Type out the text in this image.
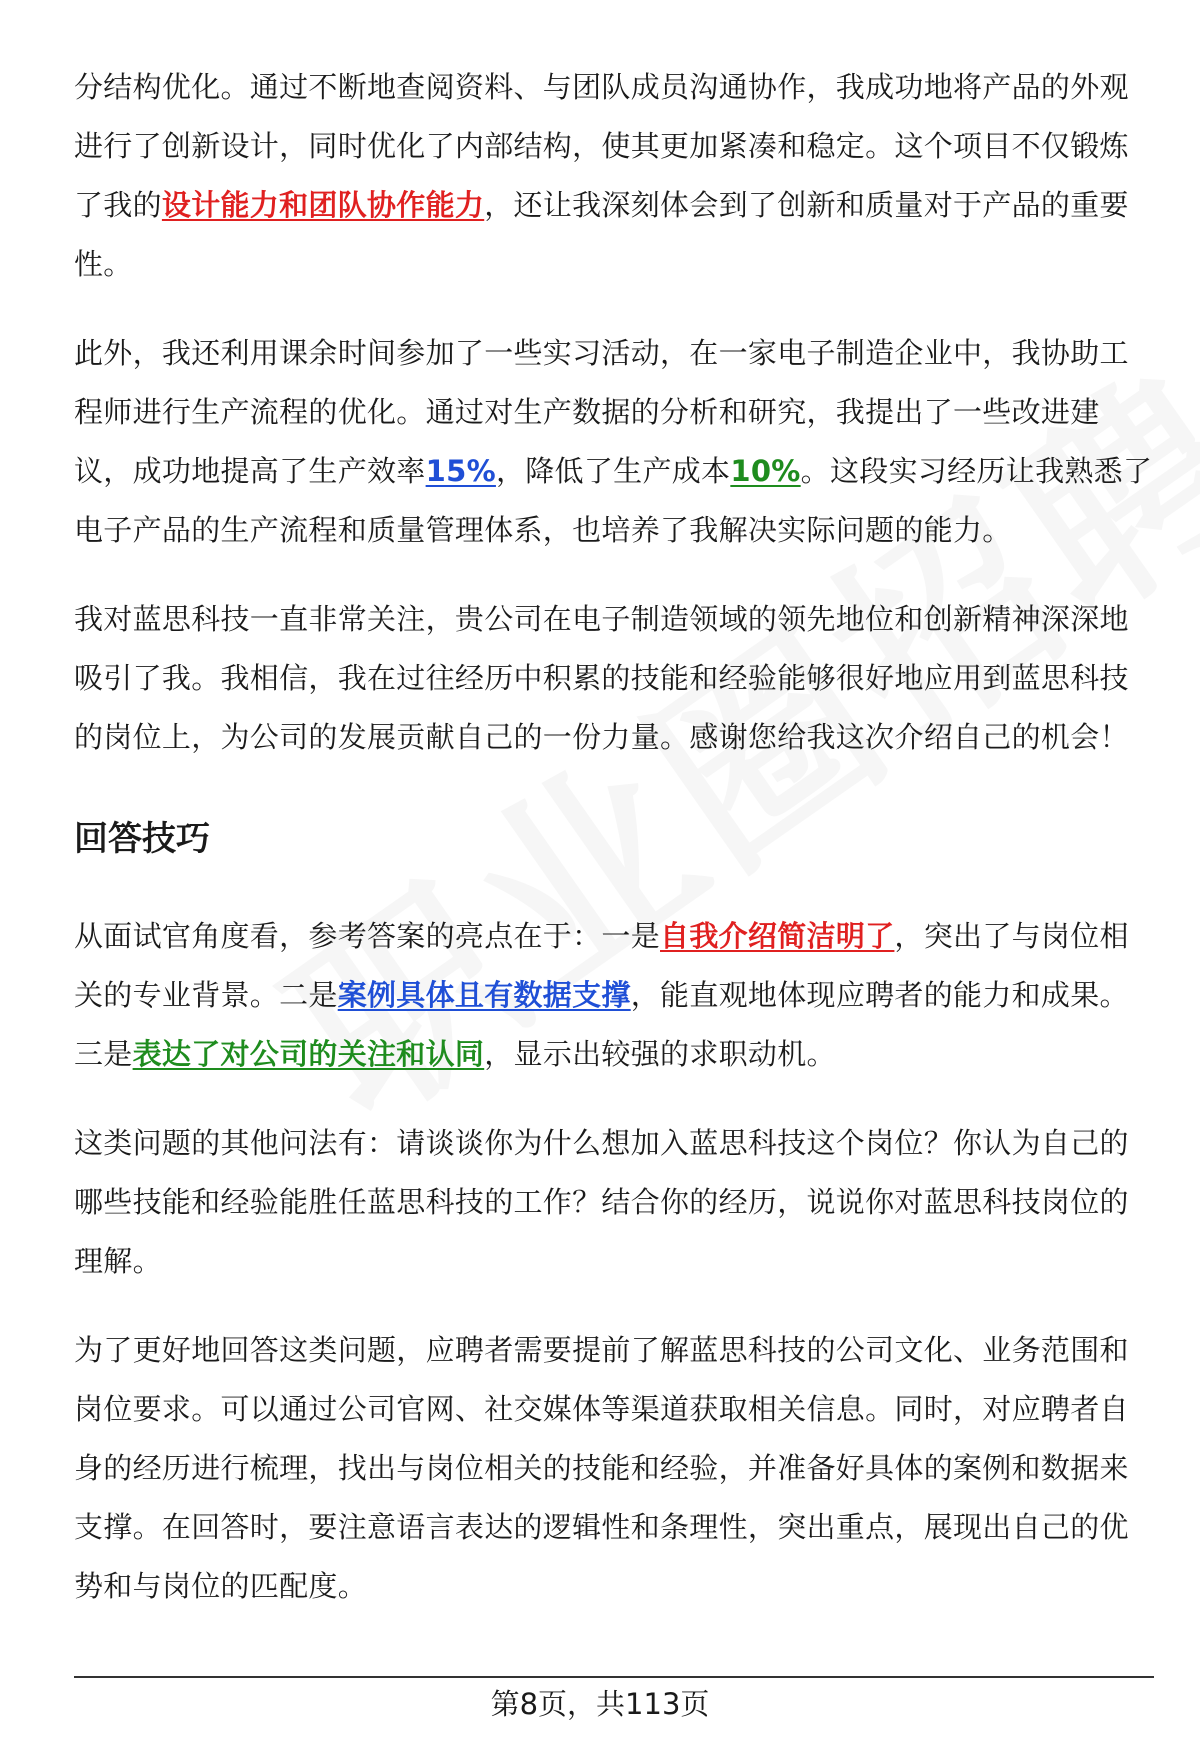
分结构优化。通过不断地查阅资料、与团队成员沟通协作，我成功地将产品的外观进行了创新设计，同时优化了内部结构，使其更加紧凑和稳定。这个项目不仅锻炼了我的设计能力和团队协作能力，还让我深刻体会到了创新和质量对于产品的重要性。

此外，我还利用课余时间参加了一些实习活动，在一家电子制造企业中，我协助工程师进行生产流程的优化。通过对生产数据的分析和研究，我提出了一些改进建议，成功地提高了生产效率15%，降低了生产成本10%。这段实习经历让我熟悉了电子产品的生产流程和质量管理体系，也培养了我解决实际问题的能力。

我对蓝思科技一直非常关注，贵公司在电子制造领域的领先地位和创新精神深深地吸引了我。我相信，我在过往经历中积累的技能和经验能够很好地应用到蓝思科技的岗位上，为公司的发展贡献自己的一份力量。感谢您给我这次介绍自己的机会！

回答技巧

从面试官角度看，参考答案的亮点在于：一是自我介绍简洁明了，突出了与岗位相关的专业背景。二是案例具体且有数据支撑，能直观地体现应聘者的能力和成果。三是表达了对公司的关注和认同，显示出较强的求职动机。

这类问题的其他问法有：请谈谈你为什么想加入蓝思科技这个岗位？你认为自己的哪些技能和经验能胜任蓝思科技的工作？结合你的经历，说说你对蓝思科技岗位的理解。

为了更好地回答这类问题，应聘者需要提前了解蓝思科技的公司文化、业务范围和岗位要求。可以通过公司官网、社交媒体等渠道获取相关信息。同时，对应聘者自身的经历进行梳理，找出与岗位相关的技能和经验，并准备好具体的案例和数据来支撑。在回答时，要注意语言表达的逻辑性和条理性，突出重点，展现出自己的优势和与岗位的匹配度。

第8页，共113页
